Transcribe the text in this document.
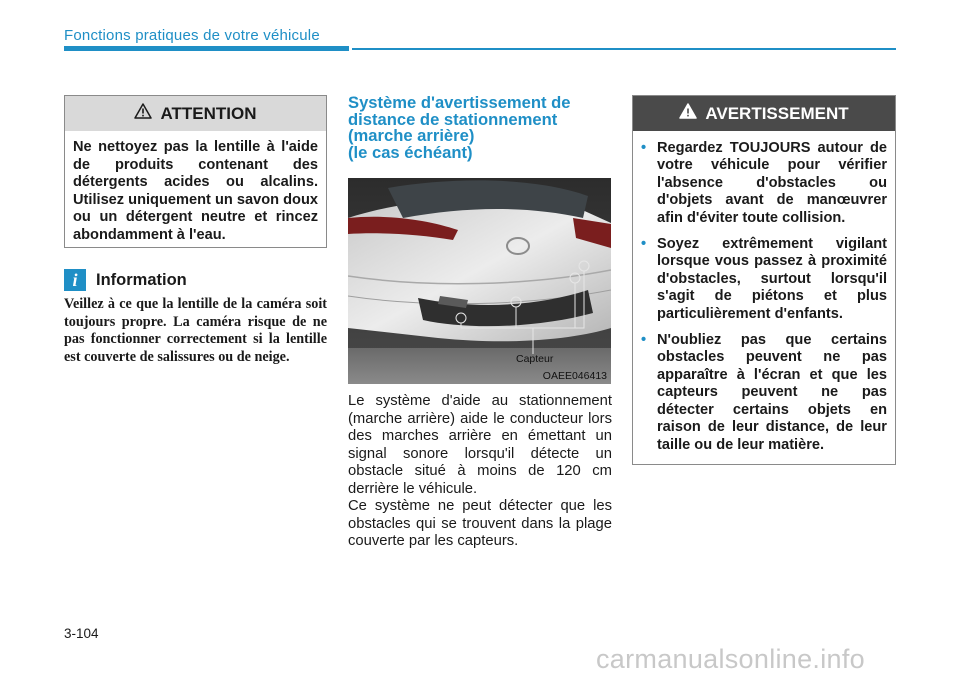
Fonctions pratiques de votre véhicule
ATTENTION

Ne nettoyez pas la lentille à l'aide de produits contenant des détergents acides ou alcalins. Utilisez uniquement un savon doux ou un détergent neutre et rincez abondamment à l'eau.

i	Information

Veillez à ce que la lentille de la caméra soit toujours propre. La caméra risque de ne pas fonctionner correctement si la lentille est couverte de salissures ou de neige.

Système d'avertissement de
distance de stationnement
(marche arrière)
(le cas échéant)
Capteur
OAEE046413

Le système d'aide au stationnement (marche arrière) aide le conducteur lors des marches arrière en émettant un signal sonore lorsqu'il détecte un obstacle situé à moins de 120 cm derrière le véhicule.

Ce système ne peut détecter que les obstacles qui se trouvent dans la plage couverte par les capteurs.

AVERTISSEMENT
• Regardez TOUJOURS autour de votre véhicule pour vérifier l'absence d'obstacles ou d'objets avant de manœuvrer afin d'éviter toute collision.
• Soyez extrêmement vigilant lorsque vous passez à proximité d'obstacles, surtout lorsqu'il s'agit de piétons et plus particulièrement d'enfants.
• N'oubliez pas que certains obstacles peuvent ne pas apparaître à l'écran et que les capteurs peuvent ne pas détecter certains objets en raison de leur distance, de leur taille ou de leur matière.
3-104
carmanualsonline.info
